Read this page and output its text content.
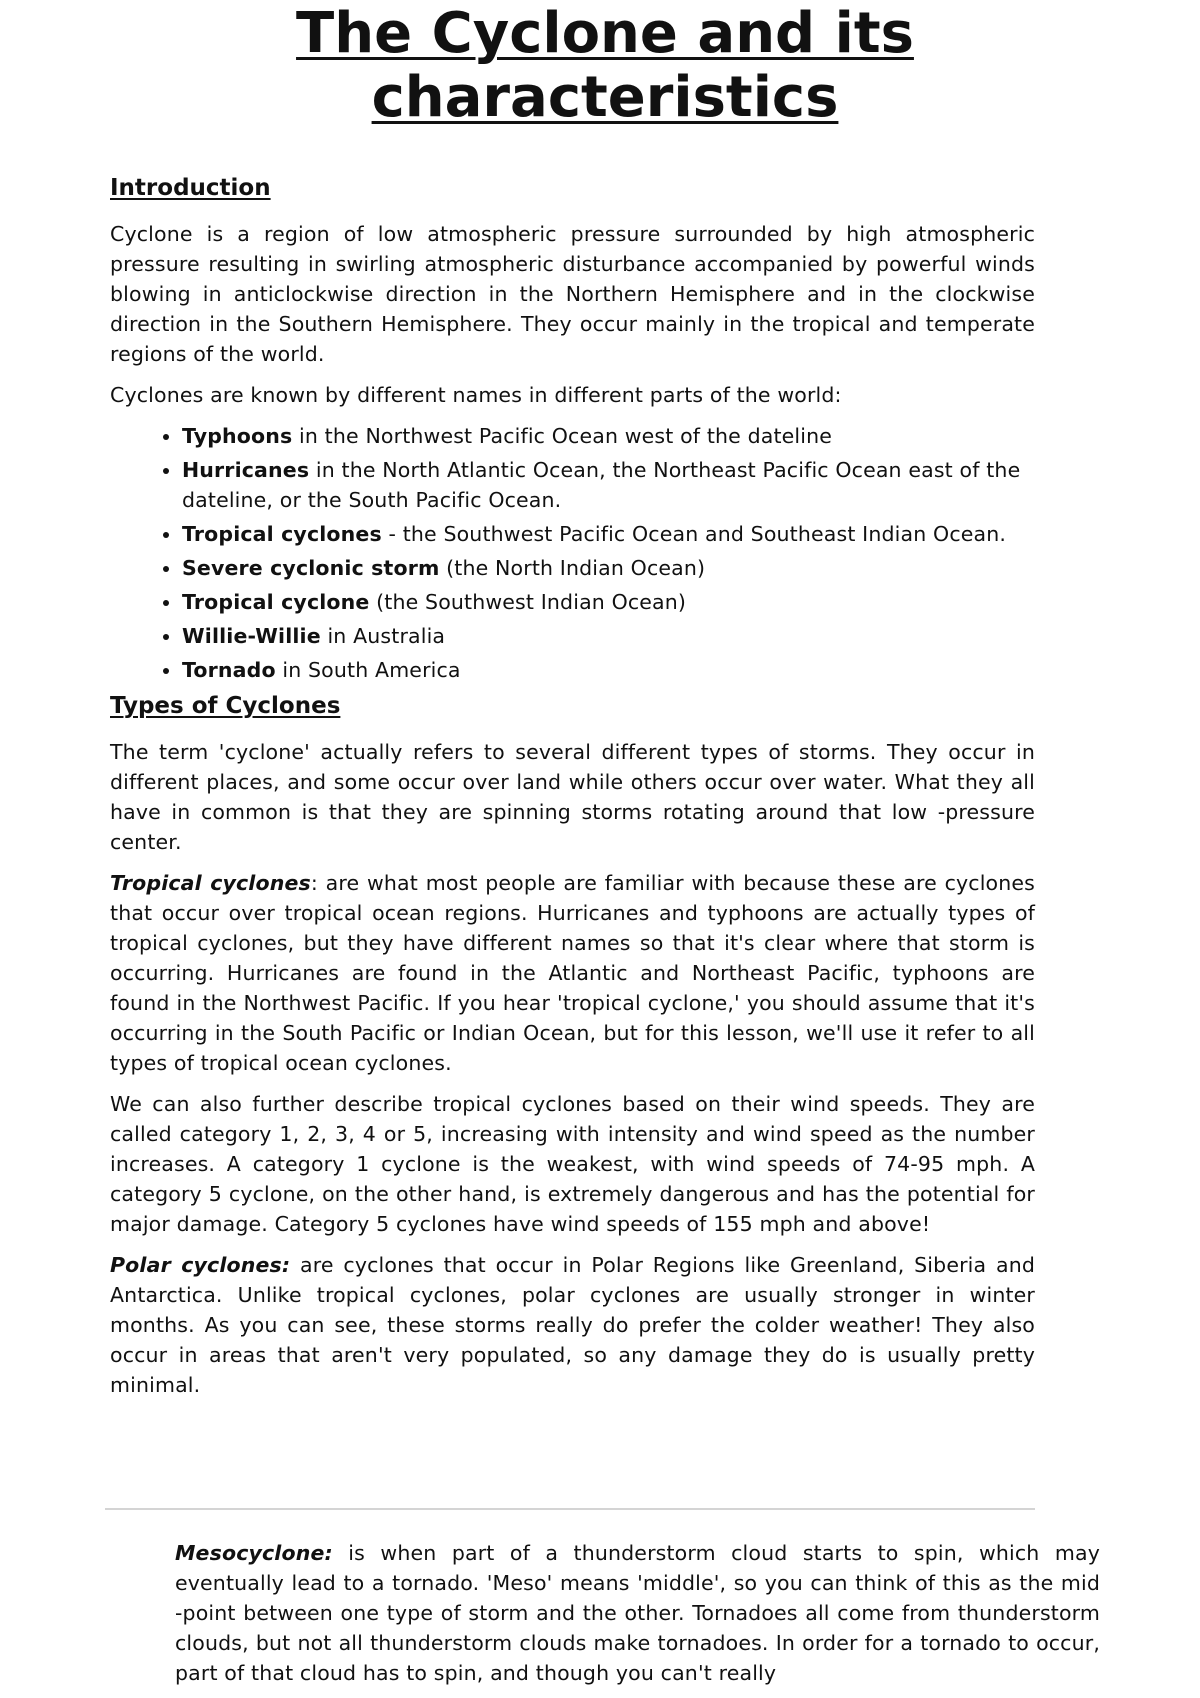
The Cyclone and its characteristics
Introduction

Cyclone is a region of low atmospheric pressure surrounded by high atmospheric pressure resulting in swirling atmospheric disturbance accompanied by powerful winds blowing in anticlockwise direction in the Northern Hemisphere and in the clockwise direction in the Southern Hemisphere. They occur mainly in the tropical and temperate regions of the world.

Cyclones are known by different names in different parts of the world:

• Typhoons in the Northwest Pacific Ocean west of the dateline
• Hurricanes in the North Atlantic Ocean, the Northeast Pacific Ocean east of the dateline, or the South Pacific Ocean.
• Tropical cyclones - the Southwest Pacific Ocean and Southeast Indian Ocean.
• Severe cyclonic storm (the North Indian Ocean)
• Tropical cyclone (the Southwest Indian Ocean)
• Willie-Willie in Australia
• Tornado in South America
Types of Cyclones

The term 'cyclone' actually refers to several different types of storms. They occur in different places, and some occur over land while others occur over water. What they all have in common is that they are spinning storms rotating around that low -pressure center.

Tropical cyclones: are what most people are familiar with because these are cyclones that occur over tropical ocean regions. Hurricanes and typhoons are actually types of tropical cyclones, but they have different names so that it's clear where that storm is occurring. Hurricanes are found in the Atlantic and Northeast Pacific, typhoons are found in the Northwest Pacific. If you hear 'tropical cyclone,' you should assume that it's occurring in the South Pacific or Indian Ocean, but for this lesson, we'll use it refer to all types of tropical ocean cyclones.

We can also further describe tropical cyclones based on their wind speeds. They are called category 1, 2, 3, 4 or 5, increasing with intensity and wind speed as the number increases. A category 1 cyclone is the weakest, with wind speeds of 74-95 mph. A category 5 cyclone, on the other hand, is extremely dangerous and has the potential for major damage. Category 5 cyclones have wind speeds of 155 mph and above!

Polar cyclones: are cyclones that occur in Polar Regions like Greenland, Siberia and Antarctica. Unlike tropical cyclones, polar cyclones are usually stronger in winter months. As you can see, these storms really do prefer the colder weather! They also occur in areas that aren't very populated, so any damage they do is usually pretty minimal.

Mesocyclone: is when part of a thunderstorm cloud starts to spin, which may eventually lead to a tornado. 'Meso' means 'middle', so you can think of this as the mid -point between one type of storm and the other. Tornadoes all come from thunderstorm clouds, but not all thunderstorm clouds make tornadoes. In order for a tornado to occur, part of that cloud has to spin, and though you can't really
